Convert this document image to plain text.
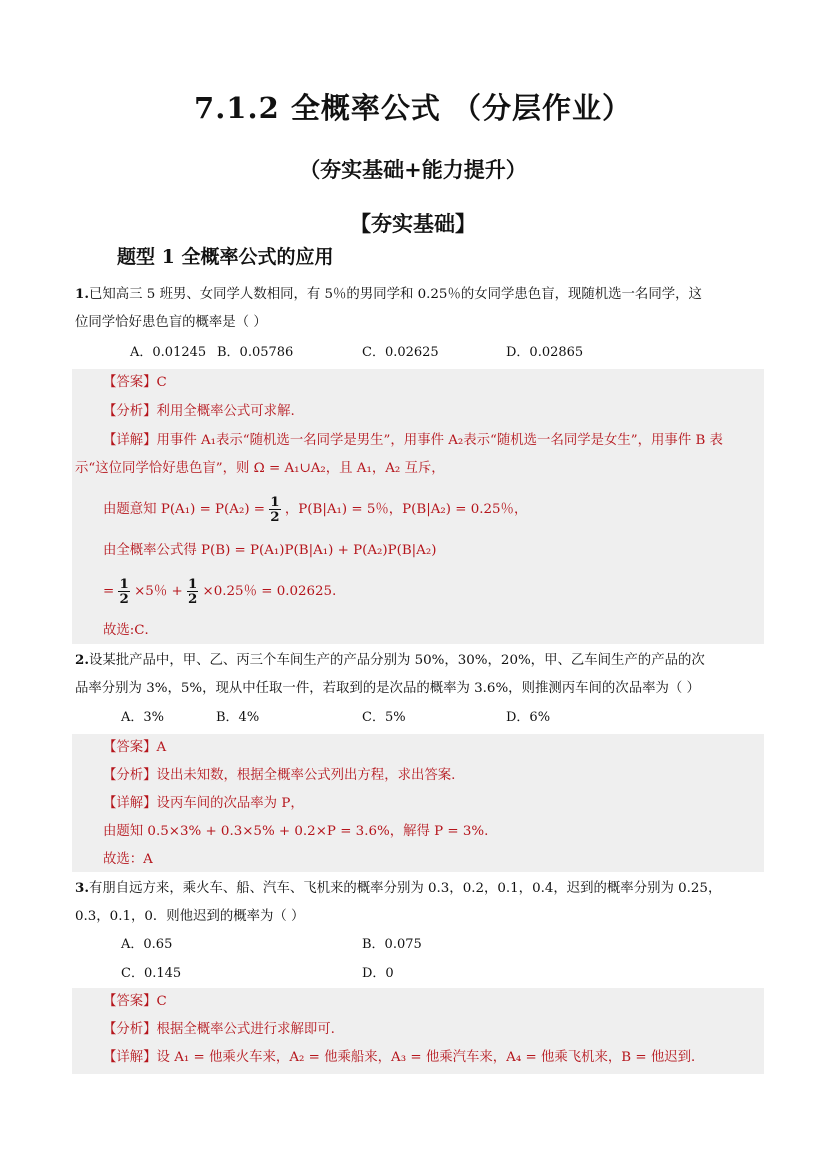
7.1.2 全概率公式 （分层作业）
（夯实基础+能力提升）
【夯实基础】
题型 1 全概率公式的应用
1.已知高三 5 班男、女同学人数相同，有 5％的男同学和 0.25％的女同学患色盲，现随机选一名同学，这
位同学恰好患色盲的概率是（ ）
A．0.01245 B．0.05786	C．0.02625	D．0.02865
【答案】C
【分析】利用全概率公式可求解.
【详解】用事件 A₁表示“随机选一名同学是男生”，用事件 A₂表示“随机选一名同学是女生”，用事件 B 表
示“这位同学恰好患色盲”，则 Ω = A₁∪A₂，且 A₁，A₂ 互斥，
由题意知 $P(A_1) = P(A_2) = \frac{1}{2}$ ，P(B|A₁) = 5％，P(B|A₂) = 0.25％，
由全概率公式得 P(B) = P(A₁)P(B|A₁) + P(A₂)P(B|A₂)
= $\frac{1}{2} \times 5$％ + $\frac{1}{2} \times 0.25$％ = 0.02625．
故选:C．
2.设某批产品中，甲、乙、丙三个车间生产的产品分别为 50%，30%，20%，甲、乙车间生产的产品的次
品率分别为 3%，5%，现从中任取一件，若取到的是次品的概率为 3.6%，则推测丙车间的次品率为（ ）
A．3%	B．4%	C．5%	D．6%
【答案】A
【分析】设出未知数，根据全概率公式列出方程，求出答案.
【详解】设丙车间的次品率为 P，
由题知 0.5×3% + 0.3×5% + 0.2×P = 3.6%，解得 P = 3%.
故选：A
3.有朋自远方来，乘火车、船、汽车、飞机来的概率分别为 0.3，0.2，0.1，0.4，迟到的概率分别为 0.25，
0.3，0.1，0．则他迟到的概率为（ ）
A．0.65	B．0.075
C．0.145	D．0
【答案】C
【分析】根据全概率公式进行求解即可.
【详解】设 A₁ = 他乘火车来，A₂ = 他乘船来，A₃ = 他乘汽车来，A₄ = 他乘飞机来，B = 他迟到．
